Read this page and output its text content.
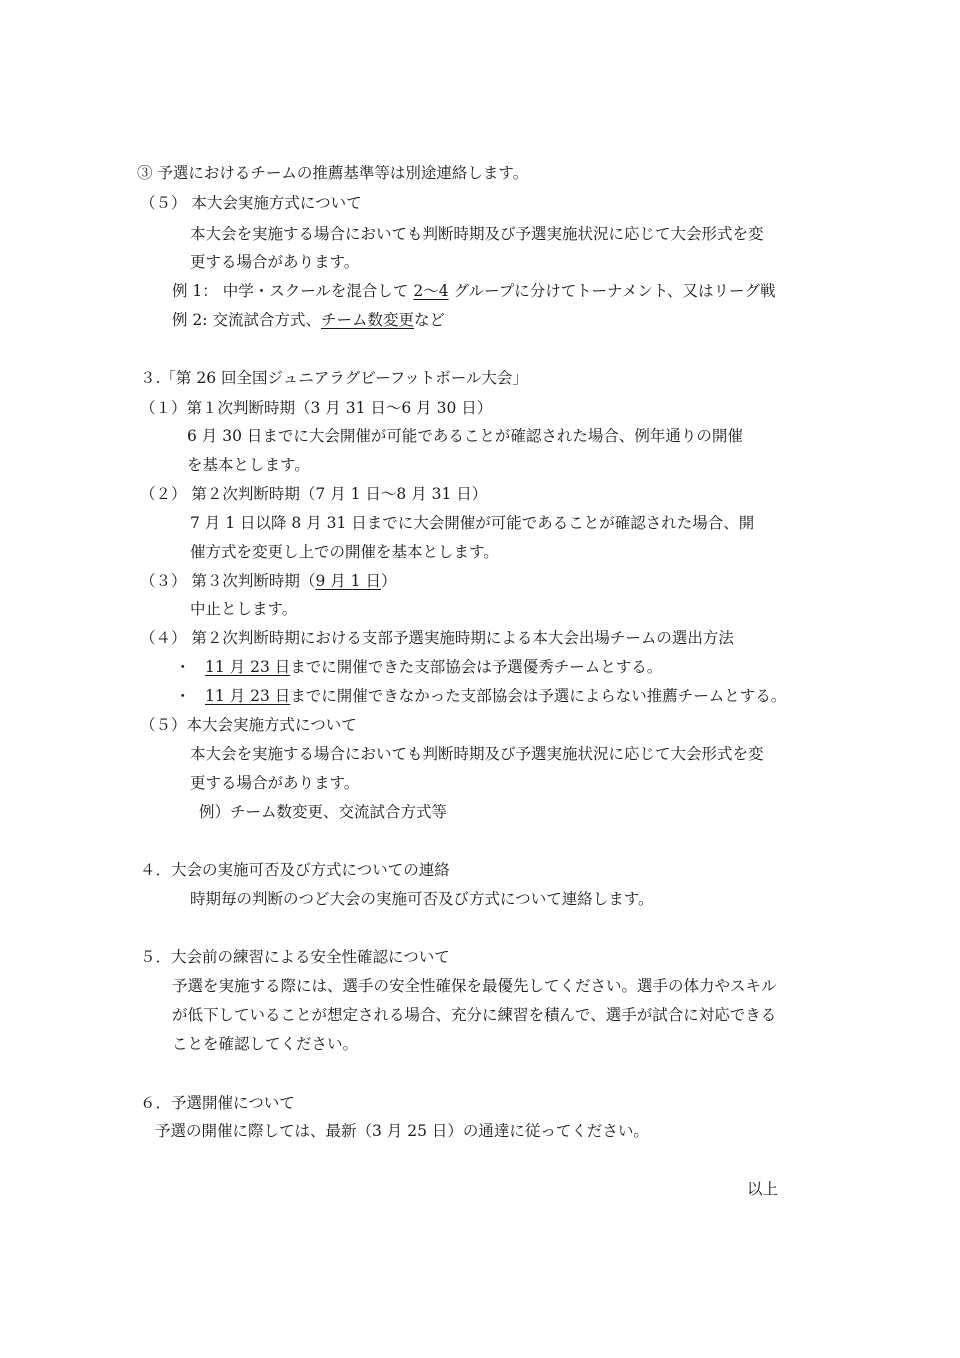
③ 予選におけるチームの推薦基準等は別途連絡します。
（５） 本大会実施方式について
本大会を実施する場合においても判断時期及び予選実施状況に応じて大会形式を変
更する場合があります。
例 1： 中学・スクールを混合して 2～4 グループに分けてトーナメント、又はリーグ戦
例 2: 交流試合方式、チーム数変更など
３.「第 26 回全国ジュニアラグビーフットボール大会」
（１）第１次判断時期（3 月 31 日～6 月 30 日）
6 月 30 日までに大会開催が可能であることが確認された場合、例年通りの開催
を基本とします。
（２） 第２次判断時期（7 月 1 日～8 月 31 日）
7 月 1 日以降 8 月 31 日までに大会開催が可能であることが確認された場合、開
催方式を変更し上での開催を基本とします。
（３） 第３次判断時期（9 月 1 日）
中止とします。
（４） 第２次判断時期における支部予選実施時期による本大会出場チームの選出方法
・ 11 月 23 日までに開催できた支部協会は予選優秀チームとする。
・ 11 月 23 日までに開催できなかった支部協会は予選によらない推薦チームとする。
（５）本大会実施方式について
本大会を実施する場合においても判断時期及び予選実施状況に応じて大会形式を変
更する場合があります。
例）チーム数変更、交流試合方式等
４．大会の実施可否及び方式についての連絡
時期毎の判断のつど大会の実施可否及び方式について連絡します。
５．大会前の練習による安全性確認について
予選を実施する際には、選手の安全性確保を最優先してください。選手の体力やスキル
が低下していることが想定される場合、充分に練習を積んで、選手が試合に対応できる
ことを確認してください。
６．予選開催について
予選の開催に際しては、最新（3 月 25 日）の通達に従ってください。
以上
